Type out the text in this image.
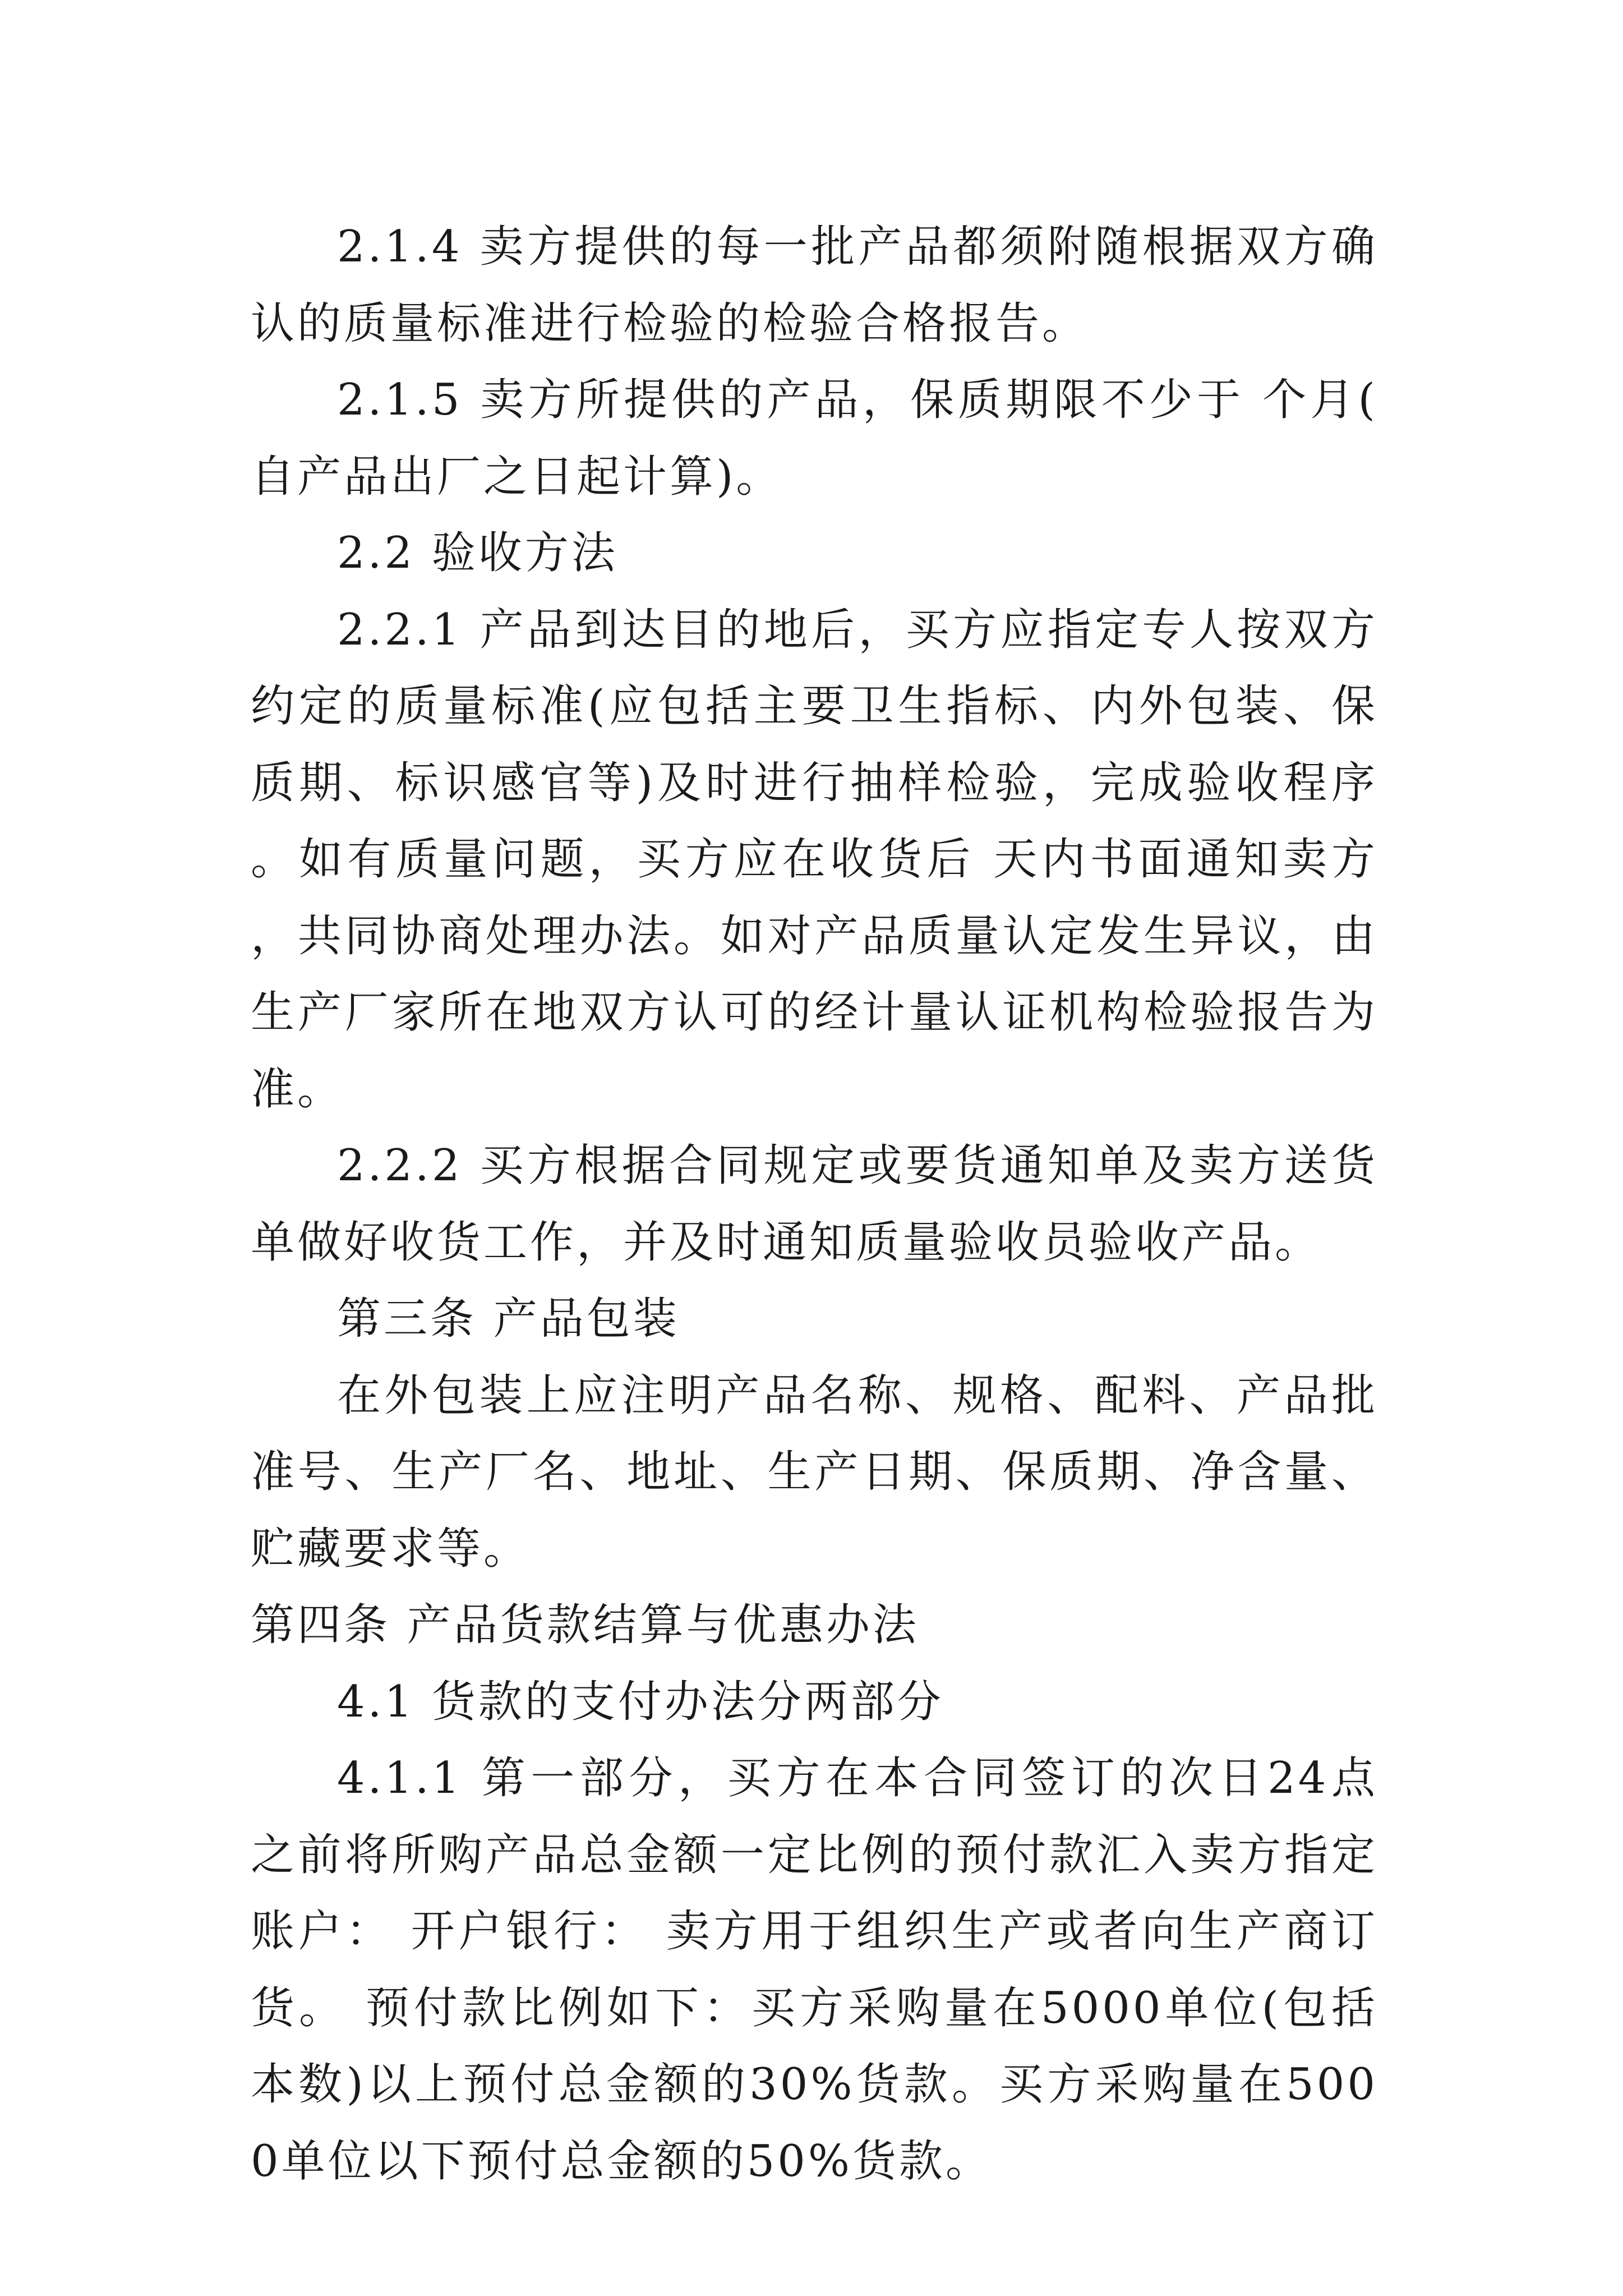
2.1.4 卖方提供的每一批产品都须附随根据双方确认的质量标准进行检验的检验合格报告。

2.1.5 卖方所提供的产品，保质期限不少于 个月(自产品出厂之日起计算)。

2.2 验收方法

2.2.1 产品到达目的地后，买方应指定专人按双方约定的质量标准(应包括主要卫生指标、内外包装、保质期、标识感官等)及时进行抽样检验，完成验收程序。如有质量问题，买方应在收货后 天内书面通知卖方，共同协商处理办法。如对产品质量认定发生异议，由生产厂家所在地双方认可的经计量认证机构检验报告为准。

2.2.2 买方根据合同规定或要货通知单及卖方送货单做好收货工作，并及时通知质量验收员验收产品。

第三条 产品包装

在外包装上应注明产品名称、规格、配料、产品批准号、生产厂名、地址、生产日期、保质期、净含量、贮藏要求等。

第四条 产品货款结算与优惠办法

4.1 货款的支付办法分两部分

4.1.1 第一部分，买方在本合同签订的次日24点之前将所购产品总金额一定比例的预付款汇入卖方指定账户： 开户银行： 卖方用于组织生产或者向生产商订货。 预付款比例如下：买方采购量在5000单位(包括本数)以上预付总金额的30%货款。买方采购量在5000单位以下预付总金额的50%货款。
